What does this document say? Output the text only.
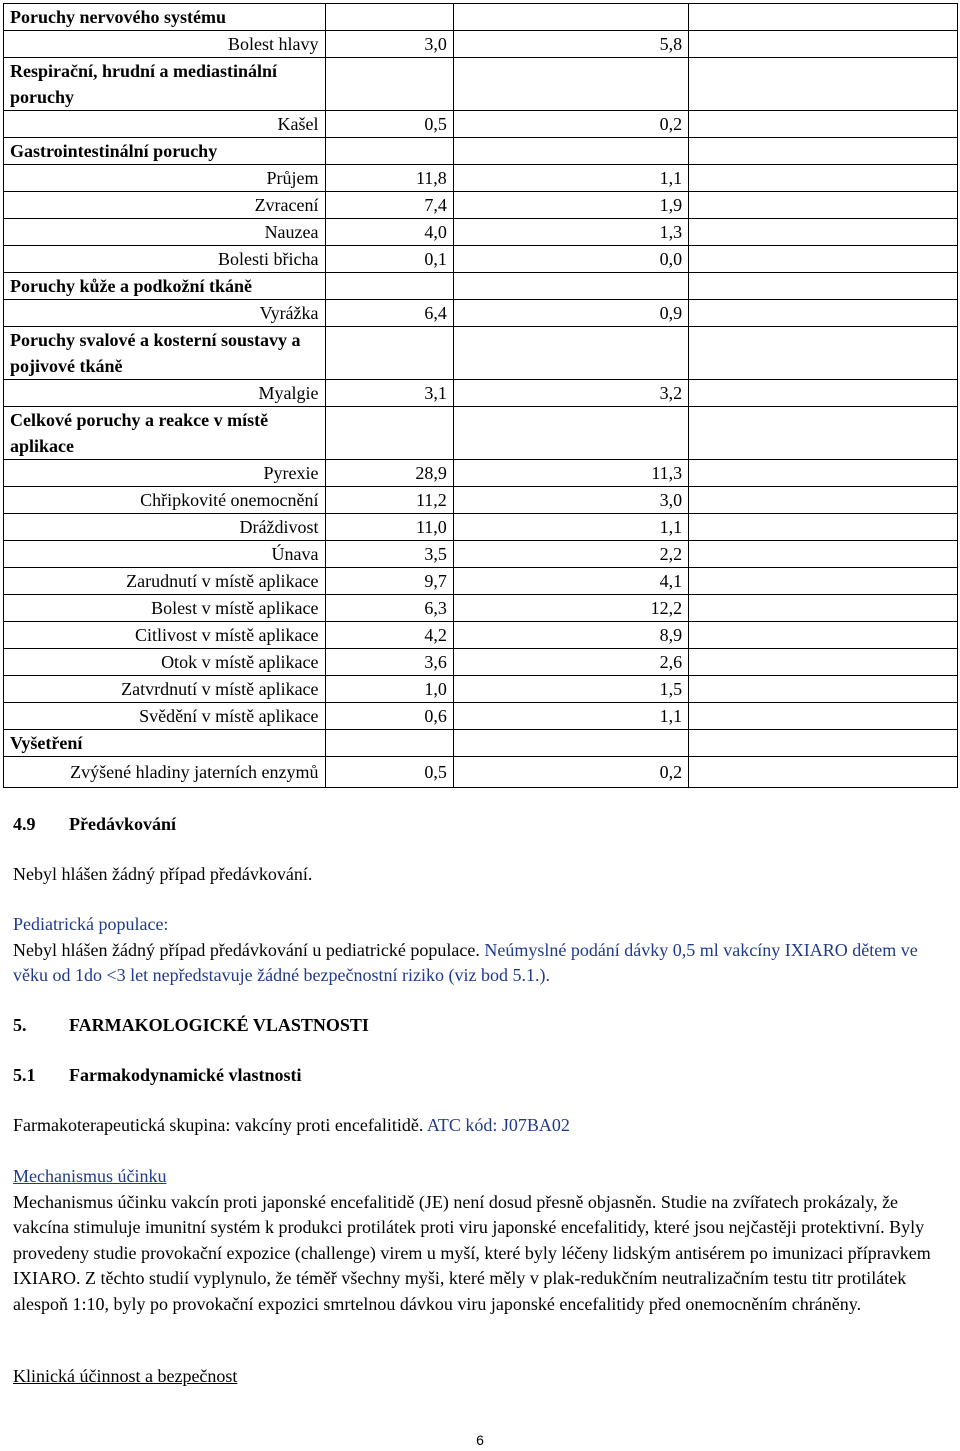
Poruchy nervového systému			
Bolest hlavy	3,0	5,8	
Respirační, hrudní a mediastinální poruchy			
Kašel	0,5	0,2	
Gastrointestinální poruchy			
Průjem	11,8	1,1	
Zvracení	7,4	1,9	
Nauzea	4,0	1,3	
Bolesti břicha	0,1	0,0	
Poruchy kůže a podkožní tkáně			
Vyrážka	6,4	0,9	
Poruchy svalové a kosterní soustavy a pojivové tkáně			
Myalgie	3,1	3,2	
Celkové poruchy a reakce v místě aplikace			
Pyrexie	28,9	11,3	
Chřipkovité onemocnění	11,2	3,0	
Dráždivost	11,0	1,1	
Únava	3,5	2,2	
Zarudnutí v místě aplikace	9,7	4,1	
Bolest v místě aplikace	6,3	12,2	
Citlivost v místě aplikace	4,2	8,9	
Otok v místě aplikace	3,6	2,6	
Zatvrdnutí v místě aplikace	1,0	1,5	
Svědění v místě aplikace	0,6	1,1	
Vyšetření			
Zvýšené hladiny jaterních enzymů	0,5	0,2	
4.9 Předávkování
Nebyl hlášen žádný případ předávkování.
Pediatrická populace:
Nebyl hlášen žádný případ předávkování u pediatrické populace. Neúmyslné podání dávky 0,5 ml vakcíny IXIARO dětem ve věku od 1do <3 let nepředstavuje žádné bezpečnostní riziko (viz bod 5.1.).
5. FARMAKOLOGICKÉ VLASTNOSTI
5.1 Farmakodynamické vlastnosti
Farmakoterapeutická skupina: vakcíny proti encefalitidě. ATC kód: J07BA02
Mechanismus účinku
Mechanismus účinku vakcín proti japonské encefalitidě (JE) není dosud přesně objasněn. Studie na zvířatech prokázaly, že vakcína stimuluje imunitní systém k produkci protilátek proti viru japonské encefalitidy, které jsou nejčastěji protektivní. Byly provedeny studie provokační expozice (challenge) virem u myší, které byly léčeny lidským antisérem po imunizaci přípravkem IXIARO. Z těchto studií vyplynulo, že téměř všechny myši, které měly v plak-redukčním neutralizačním testu titr protilátek alespoň 1:10, byly po provokační expozici smrtelnou dávkou viru japonské encefalitidy před onemocněním chráněny.
Klinická účinnost a bezpečnost
6
